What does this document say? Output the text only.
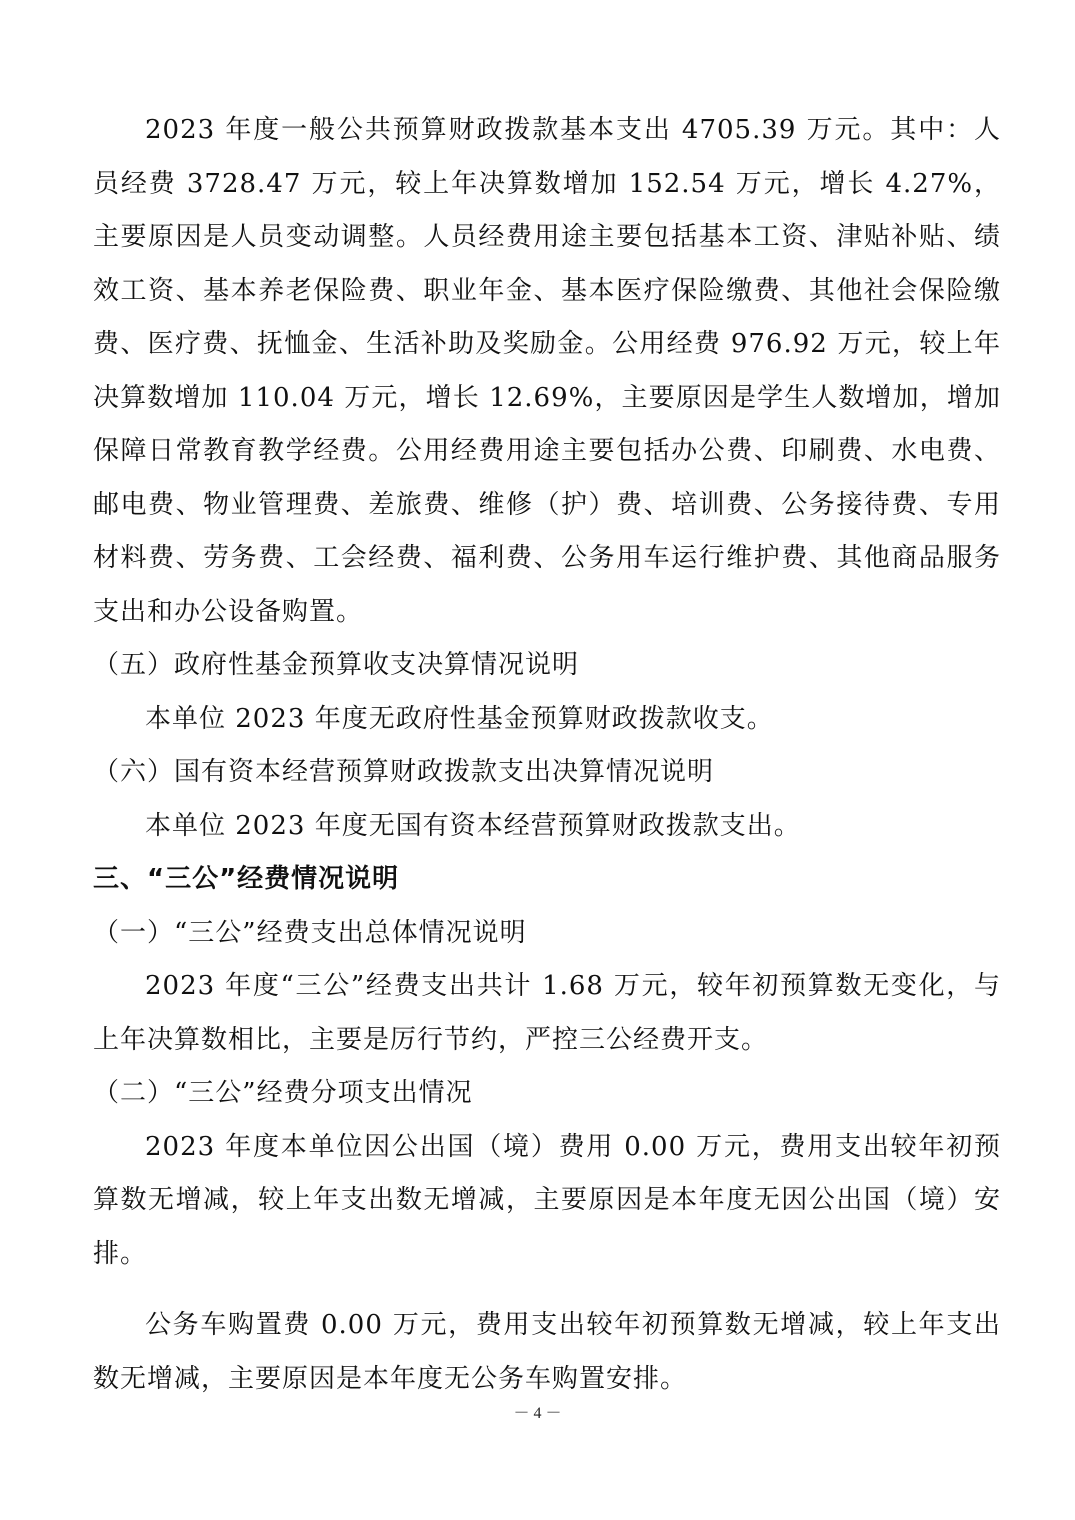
2023 年度一般公共预算财政拨款基本支出 4705.39 万元。其中：人员经费 3728.47 万元，较上年决算数增加 152.54 万元，增长 4.27%，主要原因是人员变动调整。人员经费用途主要包括基本工资、津贴补贴、绩效工资、基本养老保险费、职业年金、基本医疗保险缴费、其他社会保险缴费、医疗费、抚恤金、生活补助及奖励金。公用经费 976.92 万元，较上年决算数增加 110.04 万元，增长 12.69%，主要原因是学生人数增加，增加保障日常教育教学经费。公用经费用途主要包括办公费、印刷费、水电费、邮电费、物业管理费、差旅费、维修（护）费、培训费、公务接待费、专用材料费、劳务费、工会经费、福利费、公务用车运行维护费、其他商品服务支出和办公设备购置。

（五）政府性基金预算收支决算情况说明

本单位 2023 年度无政府性基金预算财政拨款收支。

（六）国有资本经营预算财政拨款支出决算情况说明

本单位 2023 年度无国有资本经营预算财政拨款支出。

三、“三公”经费情况说明

（一）“三公”经费支出总体情况说明

2023 年度“三公”经费支出共计 1.68 万元，较年初预算数无变化，与上年决算数相比，主要是厉行节约，严控三公经费开支。

（二）“三公”经费分项支出情况

2023 年度本单位因公出国（境）费用 0.00 万元，费用支出较年初预算数无增减，较上年支出数无增减，主要原因是本年度无因公出国（境）安排。

公务车购置费 0.00 万元，费用支出较年初预算数无增减，较上年支出数无增减，主要原因是本年度无公务车购置安排。

－ 4 －
